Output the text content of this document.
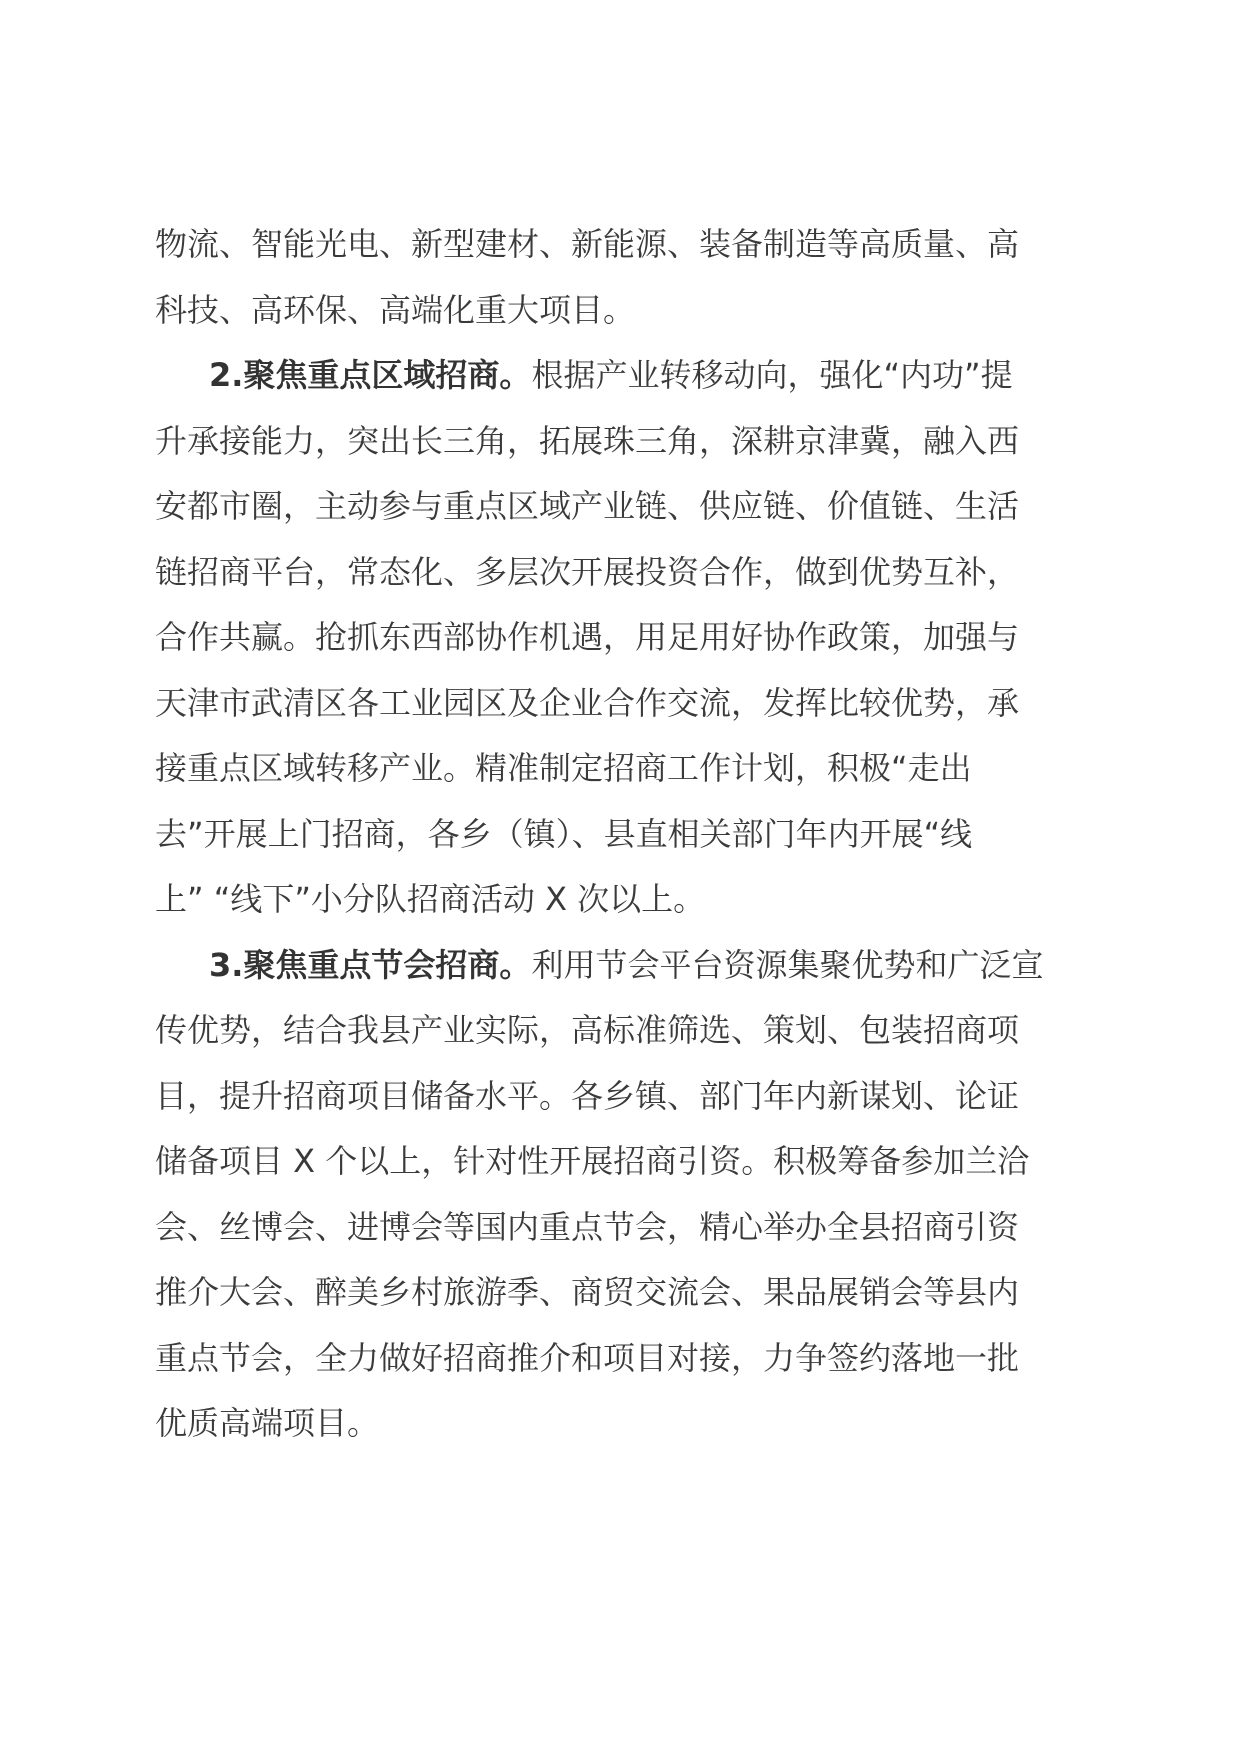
物流、智能光电、新型建材、新能源、装备制造等高质量、高
科技、高环保、高端化重大项目。
2.聚焦重点区域招商。根据产业转移动向，强化“内功”提
升承接能力，突出长三角，拓展珠三角，深耕京津冀，融入西
安都市圈，主动参与重点区域产业链、供应链、价值链、生活
链招商平台，常态化、多层次开展投资合作，做到优势互补，
合作共赢。抢抓东西部协作机遇，用足用好协作政策，加强与
天津市武清区各工业园区及企业合作交流，发挥比较优势，承
接重点区域转移产业。精准制定招商工作计划，积极“走出
去”开展上门招商，各乡（镇）、县直相关部门年内开展“线
上” “线下”小分队招商活动 X 次以上。
3.聚焦重点节会招商。利用节会平台资源集聚优势和广泛宣
传优势，结合我县产业实际，高标准筛选、策划、包装招商项
目，提升招商项目储备水平。各乡镇、部门年内新谋划、论证
储备项目 X 个以上，针对性开展招商引资。积极筹备参加兰洽
会、丝博会、进博会等国内重点节会，精心举办全县招商引资
推介大会、醉美乡村旅游季、商贸交流会、果品展销会等县内
重点节会，全力做好招商推介和项目对接，力争签约落地一批
优质高端项目。
